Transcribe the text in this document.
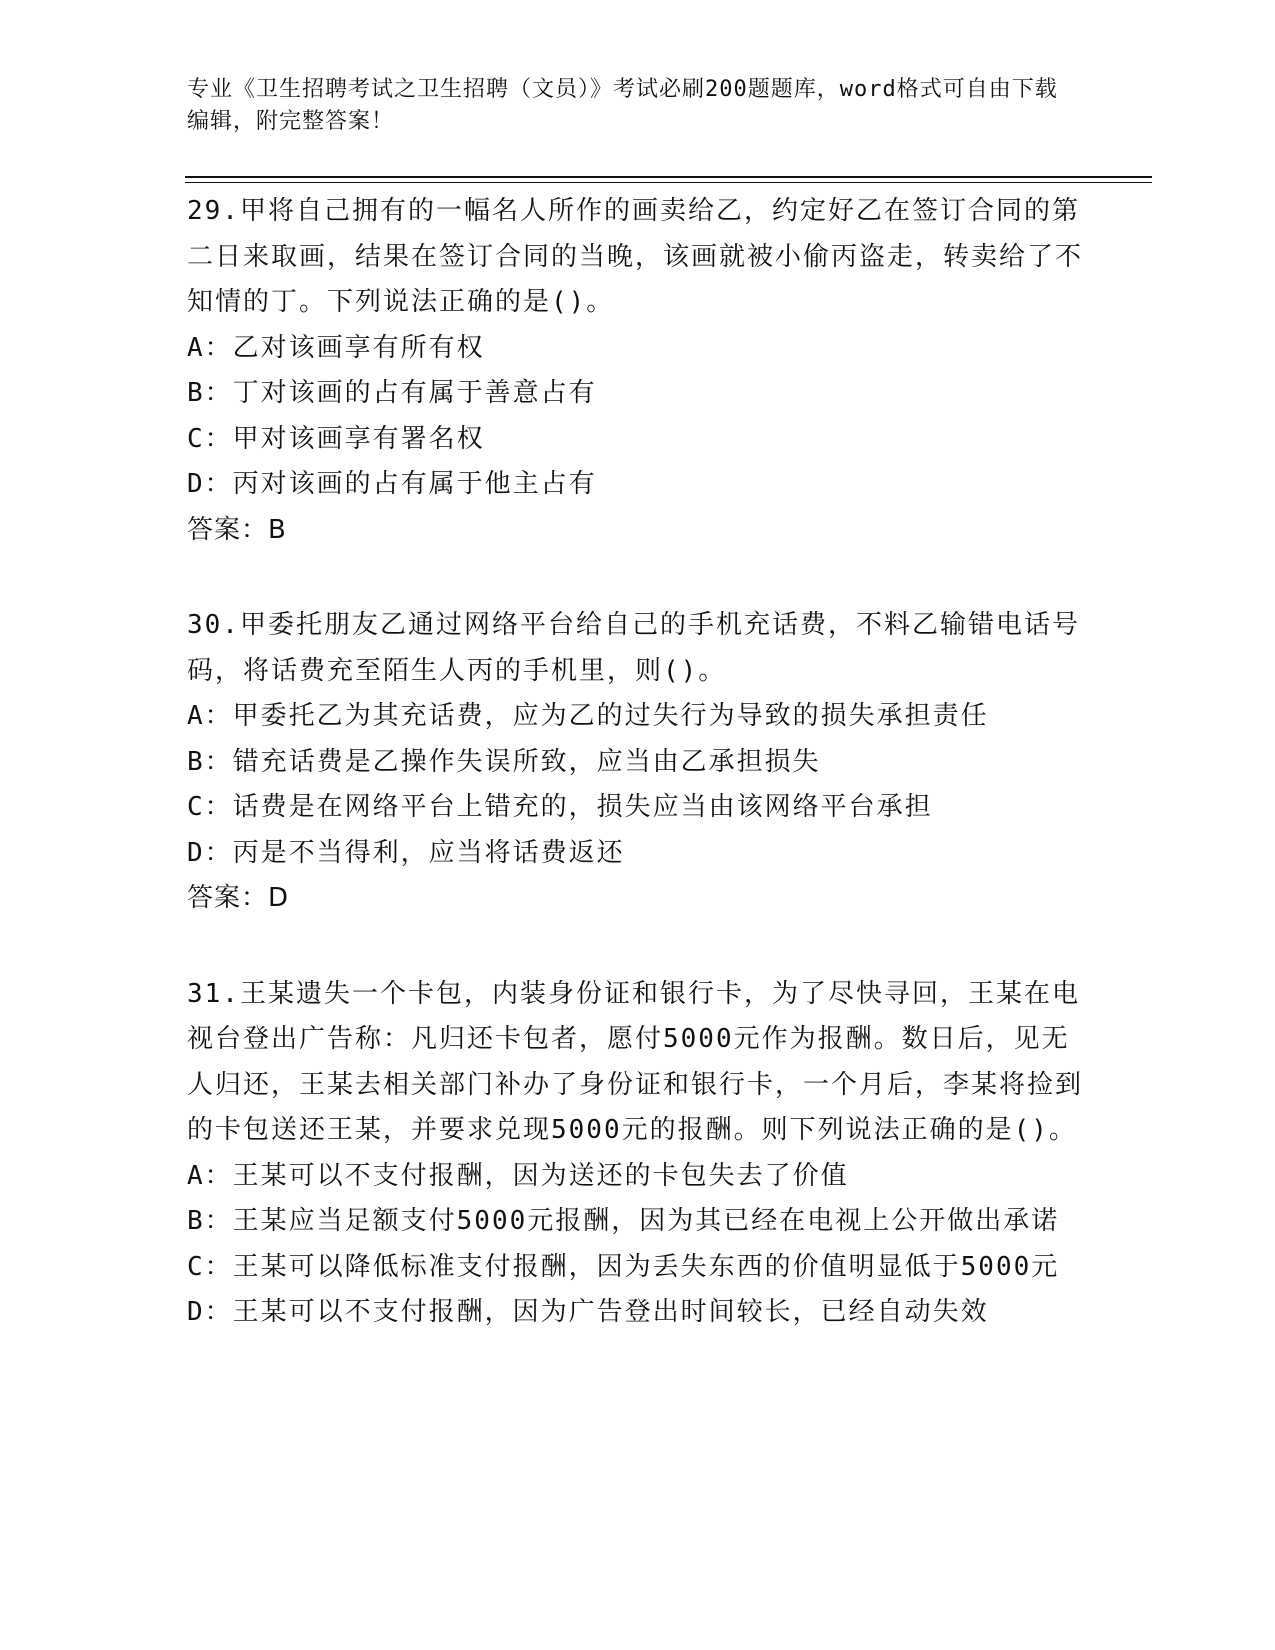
专业《卫生招聘考试之卫生招聘（文员）》考试必刷200题题库，word格式可自由下载编辑，附完整答案！

29.甲将自己拥有的一幅名人所作的画卖给乙，约定好乙在签订合同的第二日来取画，结果在签订合同的当晚，该画就被小偷丙盗走，转卖给了不知情的丁。下列说法正确的是()。

A：乙对该画享有所有权

B：丁对该画的占有属于善意占有

C：甲对该画享有署名权

D：丙对该画的占有属于他主占有

答案：B

30.甲委托朋友乙通过网络平台给自己的手机充话费，不料乙输错电话号码，将话费充至陌生人丙的手机里，则()。

A：甲委托乙为其充话费，应为乙的过失行为导致的损失承担责任

B：错充话费是乙操作失误所致，应当由乙承担损失

C：话费是在网络平台上错充的，损失应当由该网络平台承担

D：丙是不当得利，应当将话费返还

答案：D

31.王某遗失一个卡包，内装身份证和银行卡，为了尽快寻回，王某在电视台登出广告称：凡归还卡包者，愿付5000元作为报酬。数日后，见无人归还，王某去相关部门补办了身份证和银行卡，一个月后，李某将捡到的卡包送还王某，并要求兑现5000元的报酬。则下列说法正确的是()。

A：王某可以不支付报酬，因为送还的卡包失去了价值

B：王某应当足额支付5000元报酬，因为其已经在电视上公开做出承诺

C：王某可以降低标准支付报酬，因为丢失东西的价值明显低于5000元

D：王某可以不支付报酬，因为广告登出时间较长，已经自动失效
